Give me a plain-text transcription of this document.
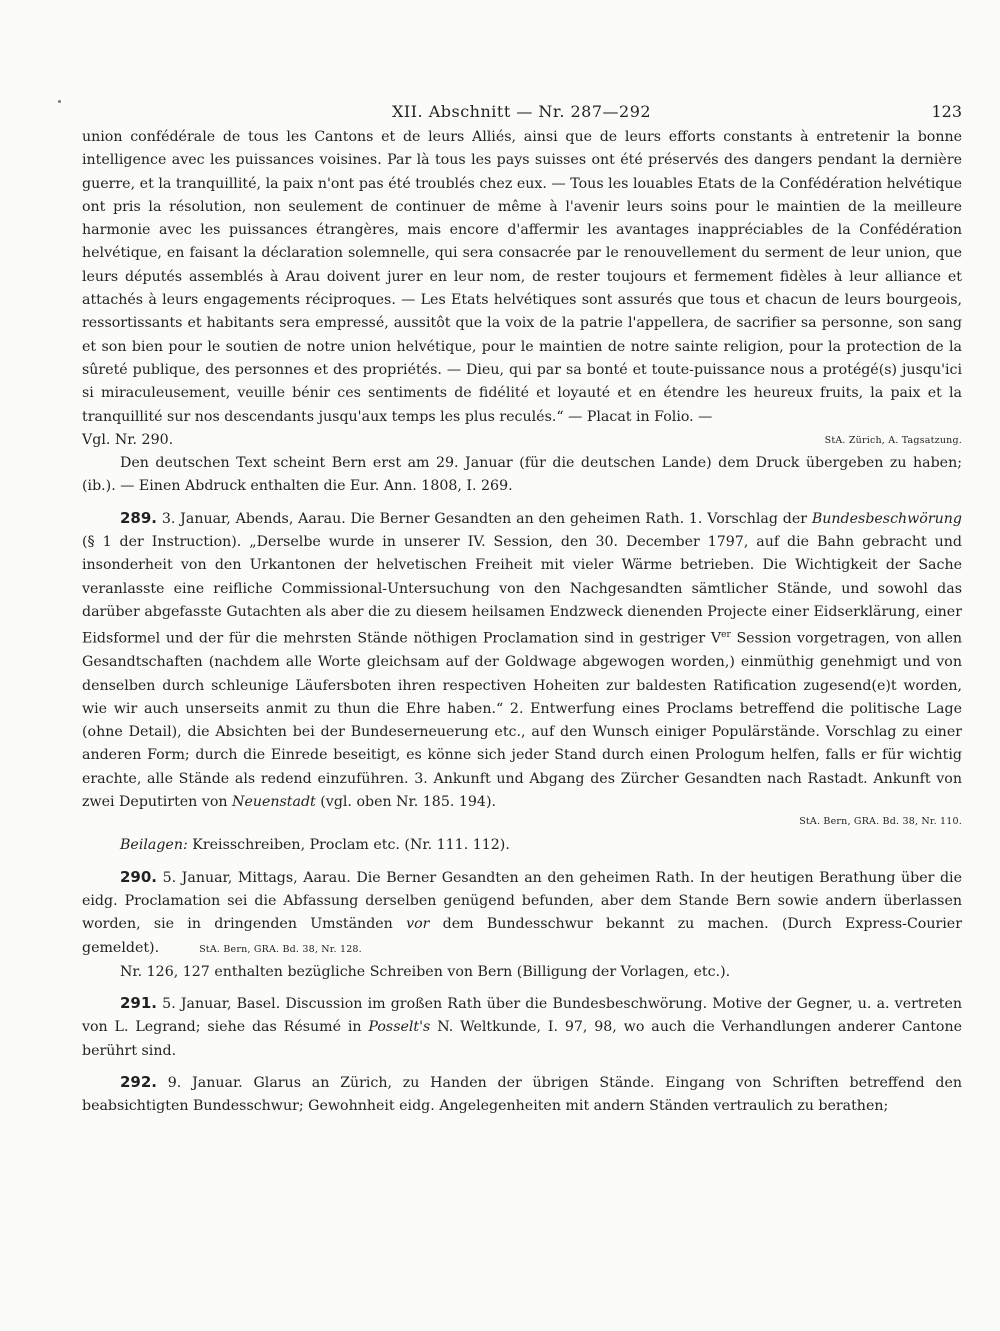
XII. Abschnitt — Nr. 287—292	123

union confédérale de tous les Cantons et de leurs Alliés, ainsi que de leurs efforts constants à entretenir la bonne intelligence avec les puissances voisines. Par là tous les pays suisses ont été préservés des dangers pendant la dernière guerre, et la tranquillité, la paix n'ont pas été troublés chez eux. — Tous les louables Etats de la Confédération helvétique ont pris la résolution, non seulement de continuer de même à l'avenir leurs soins pour le maintien de la meilleure harmonie avec les puissances étrangères, mais encore d'affermir les avantages inappréciables de la Confédération helvétique, en faisant la déclaration solemnelle, qui sera consacrée par le renouvellement du serment de leur union, que leurs députés assemblés à Arau doivent jurer en leur nom, de rester toujours et fermement fidèles à leur alliance et attachés à leurs engagements réciproques. — Les Etats helvétiques sont assurés que tous et chacun de leurs bourgeois, ressortissants et habitants sera empressé, aussitôt que la voix de la patrie l'appellera, de sacrifier sa personne, son sang et son bien pour le soutien de notre union helvétique, pour le maintien de notre sainte religion, pour la protection de la sûreté publique, des personnes et des propriétés. — Dieu, qui par sa bonté et toute-puissance nous a protégé(s) jusqu'ici si miraculeusement, veuille bénir ces sentiments de fidélité et loyauté et en étendre les heureux fruits, la paix et la tranquillité sur nos descendants jusqu'aux temps les plus reculés.“ — Placat in Folio. —

StA. Zürich, A. Tagsatzung.
Vgl. Nr. 290.

Den deutschen Text scheint Bern erst am 29. Januar (für die deutschen Lande) dem Druck übergeben zu haben; (ib.). — Einen Abdruck enthalten die Eur. Ann. 1808, I. 269.

289. 3. Januar, Abends, Aarau. Die Berner Gesandten an den geheimen Rath. 1. Vorschlag der Bundesbeschwörung (§ 1 der Instruction). „Derselbe wurde in unserer IV. Session, den 30. December 1797, auf die Bahn gebracht und insonderheit von den Urkantonen der helvetischen Freiheit mit vieler Wärme betrieben. Die Wichtigkeit der Sache veranlasste eine reifliche Commissional-Untersuchung von den Nachgesandten sämtlicher Stände, und sowohl das darüber abgefasste Gutachten als aber die zu diesem heilsamen Endzweck dienenden Projecte einer Eidserklärung, einer Eidsformel und der für die mehrsten Stände nöthigen Proclamation sind in gestriger Ver Session vorgetragen, von allen Gesandtschaften (nachdem alle Worte gleichsam auf der Goldwage abgewogen worden,) einmüthig genehmigt und von denselben durch schleunige Läufersboten ihren respectiven Hoheiten zur baldesten Ratification zugesend(e)t worden, wie wir auch unserseits anmit zu thun die Ehre haben.“ 2. Entwerfung eines Proclams betreffend die politische Lage (ohne Detail), die Absichten bei der Bundeserneuerung etc., auf den Wunsch einiger Populärstände. Vorschlag zu einer anderen Form; durch die Einrede beseitigt, es könne sich jeder Stand durch einen Prologum helfen, falls er für wichtig erachte, alle Stände als redend einzuführen. 3. Ankunft und Abgang des Zürcher Gesandten nach Rastadt. Ankunft von zwei Deputirten von Neuenstadt (vgl. oben Nr. 185. 194).

StA. Bern, GRA. Bd. 38, Nr. 110.

Beilagen: Kreisschreiben, Proclam etc. (Nr. 111. 112).

290. 5. Januar, Mittags, Aarau. Die Berner Gesandten an den geheimen Rath. In der heutigen Berathung über die eidg. Proclamation sei die Abfassung derselben genügend befunden, aber dem Stande Bern sowie andern überlassen worden, sie in dringenden Umständen vor dem Bundesschwur bekannt zu machen. (Durch Express-Courier gemeldet).	StA. Bern, GRA. Bd. 38, Nr. 128.

Nr. 126, 127 enthalten bezügliche Schreiben von Bern (Billigung der Vorlagen, etc.).

291. 5. Januar, Basel. Discussion im großen Rath über die Bundesbeschwörung. Motive der Gegner, u. a. vertreten von L. Legrand; siehe das Résumé in Posselt's N. Weltkunde, I. 97, 98, wo auch die Verhandlungen anderer Cantone berührt sind.

292. 9. Januar. Glarus an Zürich, zu Handen der übrigen Stände. Eingang von Schriften betreffend den beabsichtigten Bundesschwur; Gewohnheit eidg. Angelegenheiten mit andern Ständen vertraulich zu berathen;
